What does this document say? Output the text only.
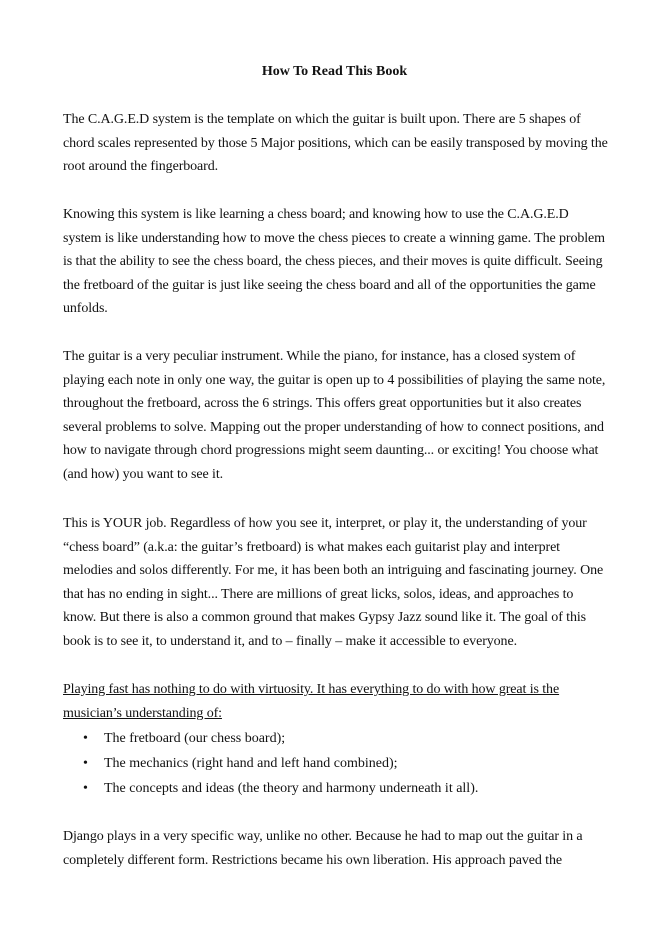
How To Read This Book

The C.A.G.E.D system is the template on which the guitar is built upon. There are 5 shapes of chord scales represented by those 5 Major positions, which can be easily transposed by moving the root around the fingerboard.

Knowing this system is like learning a chess board; and knowing how to use the C.A.G.E.D system is like understanding how to move the chess pieces to create a winning game. The problem is that the ability to see the chess board, the chess pieces, and their moves is quite difficult. Seeing the fretboard of the guitar is just like seeing the chess board and all of the opportunities the game unfolds.

The guitar is a very peculiar instrument. While the piano, for instance, has a closed system of playing each note in only one way, the guitar is open up to 4 possibilities of playing the same note, throughout the fretboard, across the 6 strings. This offers great opportunities but it also creates several problems to solve. Mapping out the proper understanding of how to connect positions, and how to navigate through chord progressions might seem daunting... or exciting! You choose what (and how) you want to see it.

This is YOUR job. Regardless of how you see it, interpret, or play it, the understanding of your “chess board” (a.k.a: the guitar’s fretboard) is what makes each guitarist play and interpret melodies and solos differently. For me, it has been both an intriguing and fascinating journey. One that has no ending in sight... There are millions of great licks, solos, ideas, and approaches to know. But there is also a common ground that makes Gypsy Jazz sound like it. The goal of this book is to see it, to understand it, and to – finally – make it accessible to everyone.

Playing fast has nothing to do with virtuosity. It has everything to do with how great is the musician’s understanding of:

•	The fretboard (our chess board);
•	The mechanics (right hand and left hand combined);
•	The concepts and ideas (the theory and harmony underneath it all).

Django plays in a very specific way, unlike no other. Because he had to map out the guitar in a completely different form. Restrictions became his own liberation. His approach paved the
